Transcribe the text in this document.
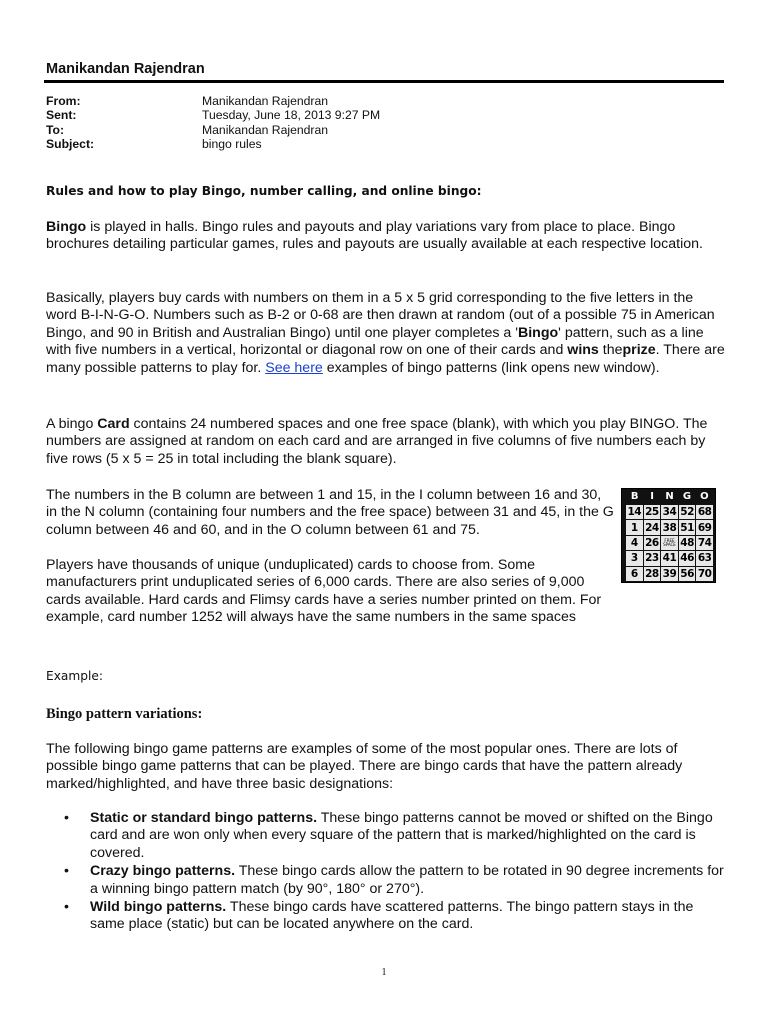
Manikandan Rajendran
From:	Manikandan Rajendran
Sent:	Tuesday, June 18, 2013 9:27 PM
To:	Manikandan Rajendran
Subject:	bingo rules

Rules and how to play Bingo, number calling, and online bingo:

Bingo is played in halls. Bingo rules and payouts and play variations vary from place to place. Bingo brochures detailing particular games, rules and payouts are usually available at each respective location.

Basically, players buy cards with numbers on them in a 5 x 5 grid corresponding to the five letters in the word B-I-N-G-O. Numbers such as B-2 or 0-68 are then drawn at random (out of a possible 75 in American Bingo, and 90 in British and Australian Bingo) until one player completes a 'Bingo' pattern, such as a line with five numbers in a vertical, horizontal or diagonal row on one of their cards and wins theprize. There are many possible patterns to play for. See here examples of bingo patterns (link opens new window).

A bingo Card contains 24 numbered spaces and one free space (blank), with which you play BINGO. The numbers are assigned at random on each card and are arranged in five columns of five numbers each by five rows (5 x 5 = 25 in total including the blank square).

The numbers in the B column are between 1 and 15, in the I column between 16 and 30, in the N column (containing four numbers and the free space) between 31 and 45, in the G column between 46 and 60, and in the O column between 61 and 75.

Players have thousands of unique (unduplicated) cards to choose from. Some manufacturers print unduplicated series of 6,000 cards. There are also series of 9,000 cards available. Hard cards and Flimsy cards have a series number printed on them. For example, card number 1252 will always have the same numbers in the same spaces

B	I	N G O
14 25 34 52 68
1 24 38 51 69
4 26	FREE SPACE 48 74
3 23 41 46 63
6 28 39 56 70

Example:

Bingo pattern variations:

The following bingo game patterns are examples of some of the most popular ones. There are lots of possible bingo game patterns that can be played. There are bingo cards that have the pattern already marked/highlighted, and have three basic designations:

• Static or standard bingo patterns. These bingo patterns cannot be moved or shifted on the Bingo card and are won only when every square of the pattern that is marked/highlighted on the card is covered.
• Crazy bingo patterns. These bingo cards allow the pattern to be rotated in 90 degree increments for a winning bingo pattern match (by 90°, 180° or 270°).
• Wild bingo patterns. These bingo cards have scattered patterns. The bingo pattern stays in the same place (static) but can be located anywhere on the card.
1
